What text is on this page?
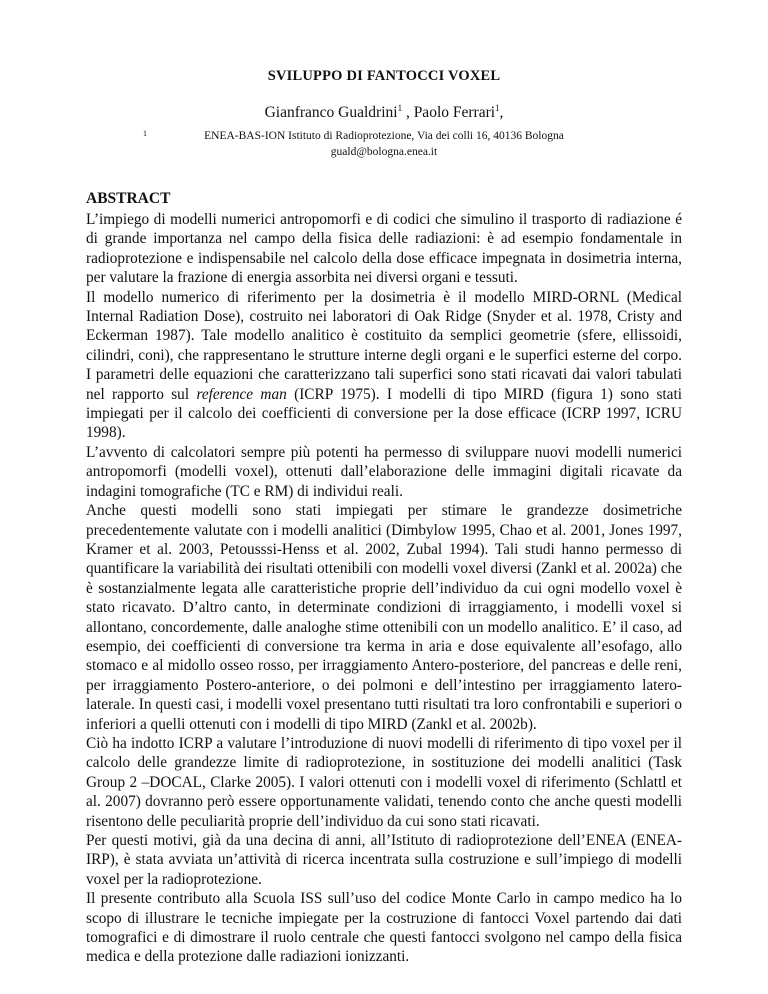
SVILUPPO DI FANTOCCI VOXEL
Gianfranco Gualdrini$^1$ , Paolo Ferrari$^1$,
1	ENEA-BAS-ION Istituto di Radioprotezione, Via dei colli 16, 40136 Bologna
guald@bologna.enea.it
ABSTRACT

L’impiego di modelli numerici antropomorfi e di codici che simulino il trasporto di radiazione é di grande importanza nel campo della fisica delle radiazioni: è ad esempio fondamentale in radioprotezione e indispensabile nel calcolo della dose efficace impegnata in dosimetria interna, per valutare la frazione di energia assorbita nei diversi organi e tessuti.

Il modello numerico di riferimento per la dosimetria è il modello MIRD-ORNL (Medical Internal Radiation Dose), costruito nei laboratori di Oak Ridge (Snyder et al. 1978, Cristy and Eckerman 1987). Tale modello analitico è costituito da semplici geometrie (sfere, ellissoidi, cilindri, coni), che rappresentano le strutture interne degli organi e le superfici esterne del corpo. I parametri delle equazioni che caratterizzano tali superfici sono stati ricavati dai valori tabulati nel rapporto sul reference man (ICRP 1975). I modelli di tipo MIRD (figura 1) sono stati impiegati per il calcolo dei coefficienti di conversione per la dose efficace (ICRP 1997, ICRU 1998).

L’avvento di calcolatori sempre più potenti ha permesso di sviluppare nuovi modelli numerici antropomorfi (modelli voxel), ottenuti dall’elaborazione delle immagini digitali ricavate da indagini tomografiche (TC e RM) di individui reali.

Anche questi modelli sono stati impiegati per stimare le grandezze dosimetriche precedentemente valutate con i modelli analitici (Dimbylow 1995, Chao et al. 2001, Jones 1997, Kramer et al. 2003, Petousssi-Henss et al. 2002, Zubal 1994). Tali studi hanno permesso di quantificare la variabilità dei risultati ottenibili con modelli voxel diversi (Zankl et al. 2002a) che è sostanzialmente legata alle caratteristiche proprie dell’individuo da cui ogni modello voxel è stato ricavato. D’altro canto, in determinate condizioni di irraggiamento, i modelli voxel si allontano, concordemente, dalle analoghe stime ottenibili con un modello analitico. E’ il caso, ad esempio, dei coefficienti di conversione tra kerma in aria e dose equivalente all’esofago, allo stomaco e al midollo osseo rosso, per irraggiamento Antero-posteriore, del pancreas e delle reni, per irraggiamento Postero-anteriore, o dei polmoni e dell’intestino per irraggiamento latero-laterale. In questi casi, i modelli voxel presentano tutti risultati tra loro confrontabili e superiori o inferiori a quelli ottenuti con i modelli di tipo MIRD (Zankl et al. 2002b).

Ciò ha indotto ICRP a valutare l’introduzione di nuovi modelli di riferimento di tipo voxel per il calcolo delle grandezze limite di radioprotezione, in sostituzione dei modelli analitici (Task Group 2 –DOCAL, Clarke 2005). I valori ottenuti con i modelli voxel di riferimento (Schlattl et al. 2007) dovranno però essere opportunamente validati, tenendo conto che anche questi modelli risentono delle peculiarità proprie dell’individuo da cui sono stati ricavati.

Per questi motivi, già da una decina di anni, all’Istituto di radioprotezione dell’ENEA (ENEA-IRP), è stata avviata un’attività di ricerca incentrata sulla costruzione e sull’impiego di modelli voxel per la radioprotezione.

Il presente contributo alla Scuola ISS sull’uso del codice Monte Carlo in campo medico ha lo scopo di illustrare le tecniche impiegate per la costruzione di fantocci Voxel partendo dai dati tomografici e di dimostrare il ruolo centrale che questi fantocci svolgono nel campo della fisica medica e della protezione dalle radiazioni ionizzanti.
